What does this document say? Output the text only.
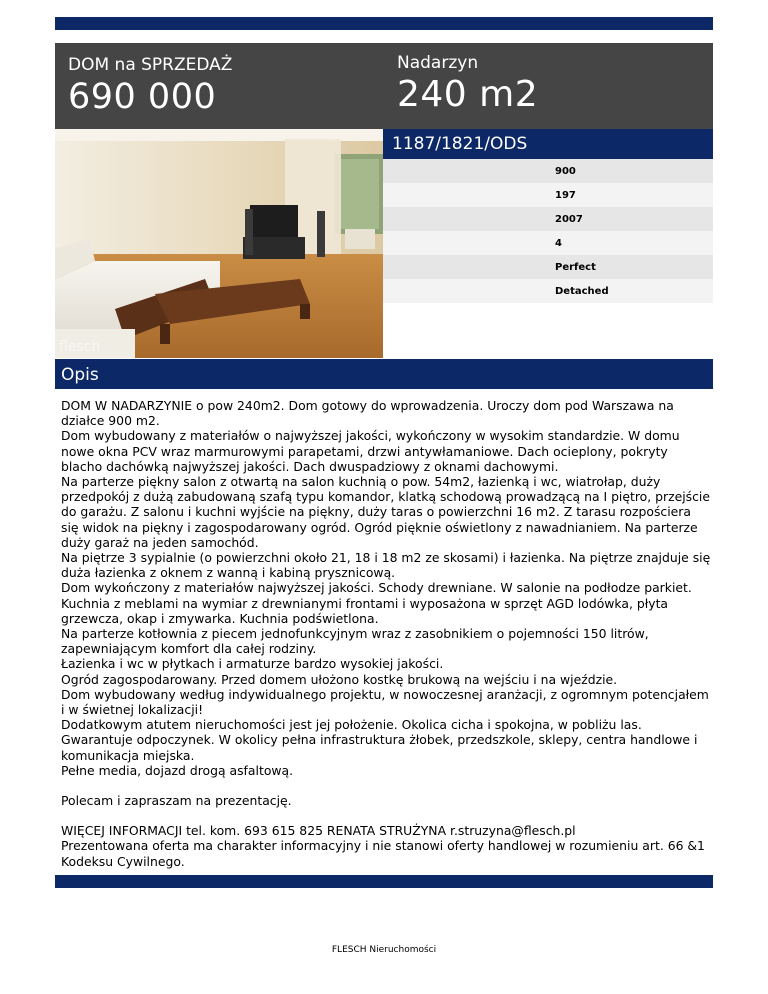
DOM na SPRZEDAŻ
690 000
Nadarzyn
240 m2
flesch
1187/1821/ODS
900
197
2007
4
Perfect
Detached
Opis

DOM W NADARZYNIE o pow 240m2. Dom gotowy do wprowadzenia. Uroczy dom pod Warszawa na działce 900 m2.

Dom wybudowany z materiałów o najwyższej jakości, wykończony w wysokim standardzie. W domu nowe okna PCV wraz marmurowymi parapetami, drzwi antywłamaniowe. Dach ocieplony, pokryty blacho dachówką najwyższej jakości. Dach dwuspadziowy z oknami dachowymi.

Na parterze piękny salon z otwartą na salon kuchnią o pow. 54m2, łazienką i wc, wiatrołap, duży przedpokój z dużą zabudowaną szafą typu komandor, klatką schodową prowadzącą na I piętro, przejście do garażu. Z salonu i kuchni wyjście na piękny, duży taras o powierzchni 16 m2. Z tarasu rozpościera się widok na piękny i zagospodarowany ogród. Ogród pięknie oświetlony z nawadnianiem. Na parterze duży garaż na jeden samochód.

Na piętrze 3 sypialnie (o powierzchni około 21, 18 i 18 m2 ze skosami) i łazienka. Na piętrze znajduje się duża łazienka z oknem z wanną i kabiną prysznicową.

Dom wykończony z materiałów najwyższej jakości. Schody drewniane. W salonie na podłodze parkiet. Kuchnia z meblami na wymiar z drewnianymi frontami i wyposażona w sprzęt AGD lodówka, płyta grzewcza, okap i zmywarka. Kuchnia podświetlona.

Na parterze kotłownia z piecem jednofunkcyjnym wraz z zasobnikiem o pojemności 150 litrów, zapewniającym komfort dla całej rodziny.

Łazienka i wc w płytkach i armaturze bardzo wysokiej jakości.

Ogród zagospodarowany. Przed domem ułożono kostkę brukową na wejściu i na wjeździe.

Dom wybudowany według indywidualnego projektu, w nowoczesnej aranżacji, z ogromnym potencjałem i w świetnej lokalizacji!

Dodatkowym atutem nieruchomości jest jej położenie. Okolica cicha i spokojna, w pobliżu las. Gwarantuje odpoczynek. W okolicy pełna infrastruktura żłobek, przedszkole, sklepy, centra handlowe i komunikacja miejska.

Pełne media, dojazd drogą asfaltową.

Polecam i zapraszam na prezentację.

WIĘCEJ INFORMACJI tel. kom. 693 615 825 RENATA STRUŻYNA r.struzyna@flesch.pl

Prezentowana oferta ma charakter informacyjny i nie stanowi oferty handlowej w rozumieniu art. 66 &1 Kodeksu Cywilnego.

FLESCH Nieruchomości
